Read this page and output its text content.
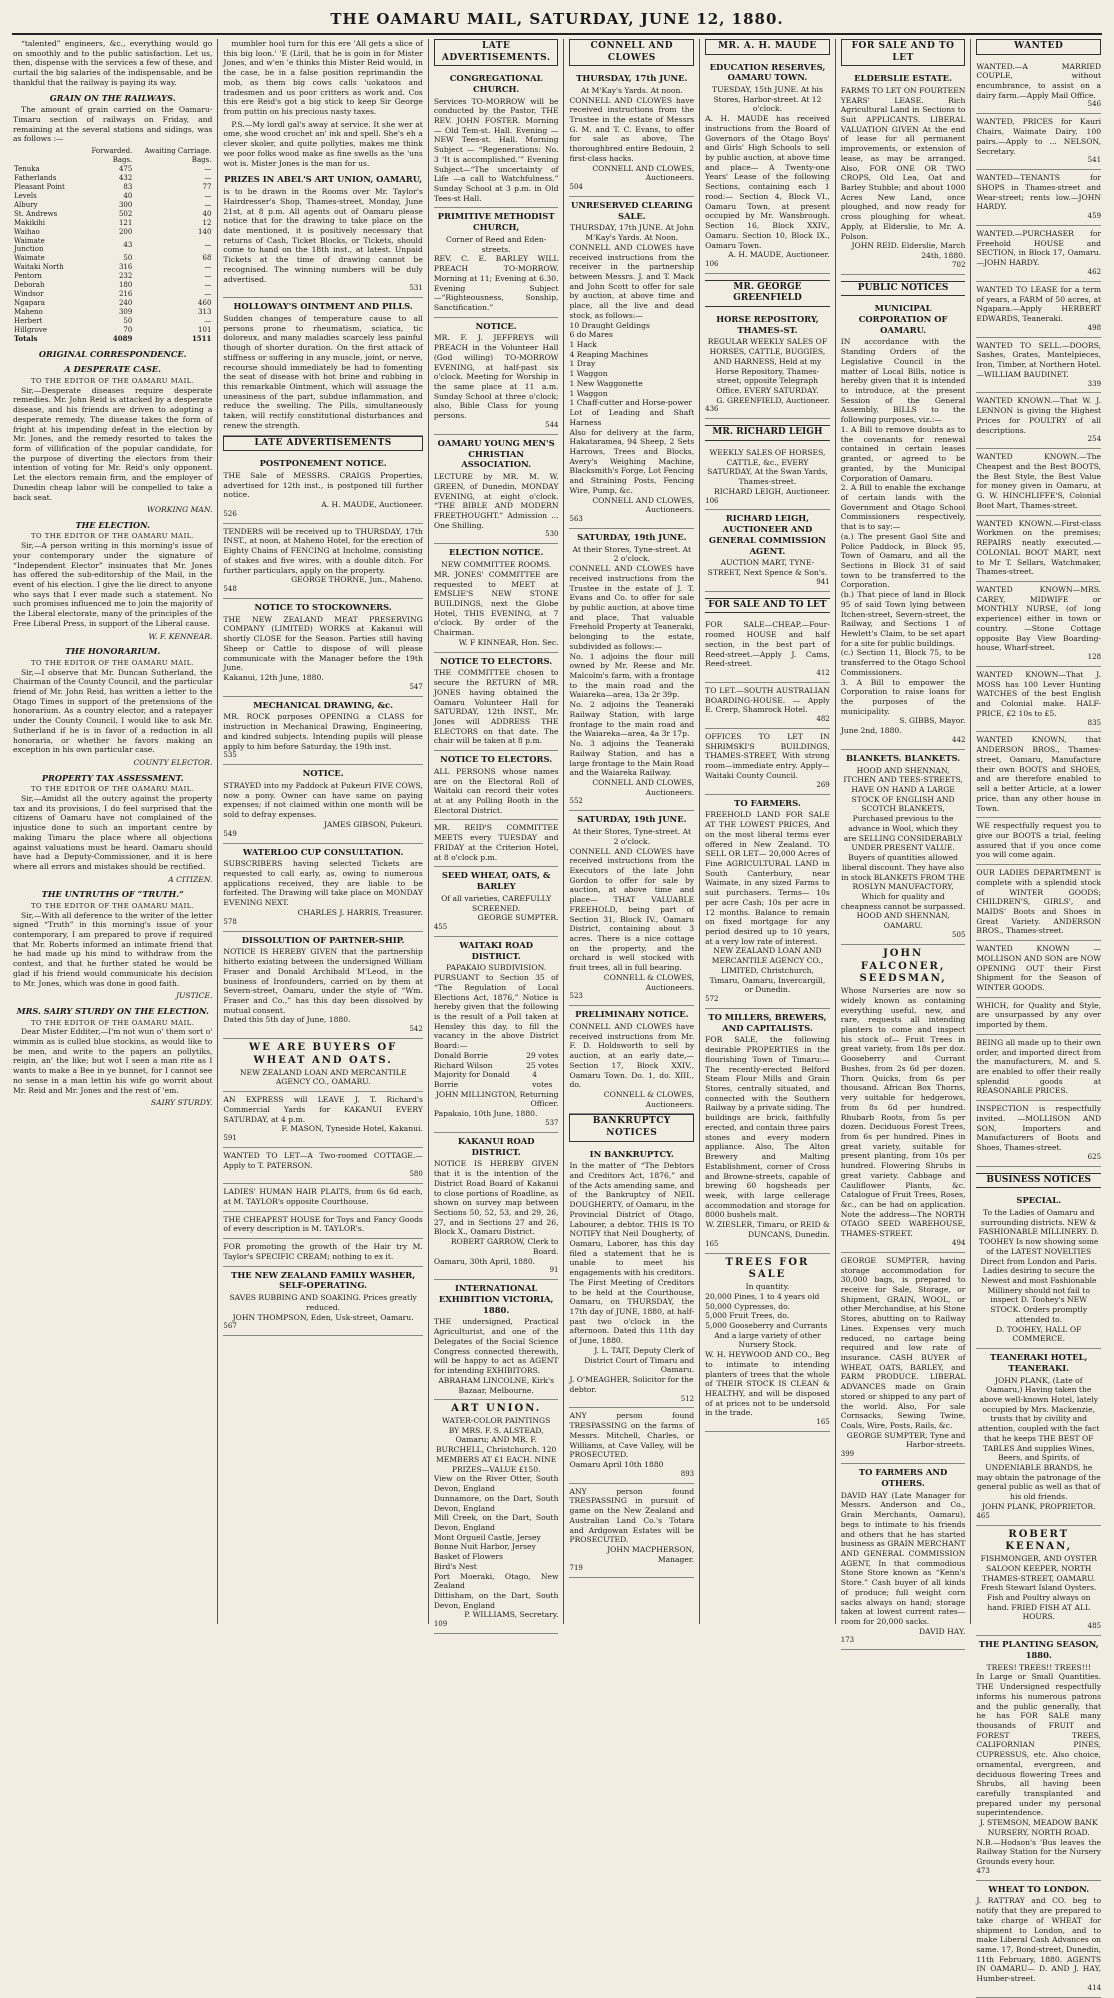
THE OAMARU MAIL, SATURDAY, JUNE 12, 1880.

“talented” engineers, &c., everything would go on smoothly and to the public satisfaction. Let us, then, dispense with the services a few of these, and curtail the big salaries of the indispensable, and be thankful that the railway is paying its way.

GRAIN ON THE RAILWAYS.

The amount of grain carried on the Oamaru-Timaru section of railways on Friday, and remaining at the several stations and sidings, was as follows :—

	Forwarded. Bags.	Awaiting Carriage. Bags.
Tenuka	475	—
Fatherlands	432	—
Pleasant Point	83	77
Levels	40	—
Albury	300	—
St. Andrews	502	40
Makikihi	121	12
Waihao	200	140
Waimate Junction	43	—
Waimate	50	68
Waitaki North	316	—
Pentorn	232	—
Deborah	180	—
Windsor	216	—
Ngapara	240	460
Maheno	309	313
Herbert	50	—
Hillgrove	70	101
Totals	4089	1511
ORIGINAL CORRESPONDENCE.
A DESPERATE CASE.
TO THE EDITOR OF THE OAMARU MAIL.

Sir,—Desperate diseases require desperate remedies. Mr. John Reid is attacked by a desperate disease, and his friends are driven to adopting a desperate remedy. The disease takes the form of fright at his impending defeat in the election by Mr. Jones, and the remedy resorted to takes the form of villification of the popular candidate, for the purpose of diverting the electors from their intention of voting for Mr. Reid's only opponent. Let the electors remain firm, and the employer of Dunedin cheap labor will be compelled to take a back seat.

WORKING MAN.
THE ELECTION.
TO THE EDITOR OF THE OAMARU MAIL.

Sir,—A person writing in this morning's issue of your contemporary under the signature of “Independent Elector” insinuates that Mr. Jones has offered the sub-editorship of the Mail, in the event of his election. I give the lie direct to anyone who says that I ever made such a statement. No such promises influenced me to join the majority of the Liberal electorate, many of the principles of the Free Liberal Press, in support of the Liberal cause.

W. F. KENNEAR.
THE HONORARIUM.
TO THE EDITOR OF THE OAMARU MAIL.

Sir,—I observe that Mr. Duncan Sutherland, the Chairman of the County Council, and the particular friend of Mr. John Reid, has written a letter to the Otago Times in support of the pretensions of the honorarium. As a country elector, and a ratepayer under the County Council, I would like to ask Mr. Sutherland if he is in favor of a reduction in all honoraria, or whether he favors making an exception in his own particular case.

COUNTY ELECTOR.
PROPERTY TAX ASSESSMENT.
TO THE EDITOR OF THE OAMARU MAIL.

Sir,—Amidst all the outcry against the property tax and its provisions, I do feel surprised that the citizens of Oamaru have not complained of the injustice done to such an important centre by making Timaru the place where all objections against valuations must be heard. Oamaru should have had a Deputy-Commissioner, and it is here where all errors and mistakes should be rectified.

A CITIZEN.
THE UNTRUTHS OF “TRUTH.”
TO THE EDITOR OF THE OAMARU MAIL.

Sir,—With all deference to the writer of the letter signed “Truth” in this morning's issue of your contemporary, I am prepared to prove if required that Mr. Roberts informed an intimate friend that he had made up his mind to withdraw from the contest, and that he further stated he would be glad if his friend would communicate his decision to Mr. Jones, which was done in good faith.

JUSTICE.
MRS. SAIRY STURDY ON THE ELECTION.
TO THE EDITOR OF THE OAMARU MAIL.

Dear Mister Edditer,—I'm not wun o' them sort o' wimmin as is culled blue stockins, as would like to be men, and write to the papers an pollytiks, reigin, an' the like; but wot I seen a man rite as I wants to make a Bee in ye bunnet, for I cannot see no sense in a man lettin his wife go worrit about Mr. Reid and Mr. Jones and the rest of 'em.

SAIRY STURDY.

mumbler hool turn for this ere 'All gets a slice of this big loon.' 'E (Liril, that he is goin in for Mister Jones, and w'en 'e thinks this Mister Reid would, in the case, be in a false position reprimandin the mob, as them big cows calls 'uokatoos and tradesmen and us poor critters as work and. Cos this ere Reid's got a big stick to keep Sir George from puttin on his precious nasty taxes.

P.S.—My lordl gal's away at service. It she wer at ome, she wood crochet an' ink and spell. She's eh a clever skoler, and quite pollyties, makes me think we poor folks wood make as fine swells as the 'uns wot is. Mister Jones is the man for us.

PRIZES IN ABEL'S ART UNION, OAMARU,
is to be drawn in the Rooms over Mr. Taylor's Hairdresser's Shop, Thames-street, Monday, June 21st, at 8 p.m. All agents out of Oamaru please notice that for the drawing to take place on the date mentioned, it is positively necessary that returns of Cash, Ticket Blocks, or Tickets, should come to hand on the 18th inst., at latest. Unpaid Tickets at the time of drawing cannot be recognised. The winning numbers will be duly advertised.
531
HOLLOWAY'S OINTMENT AND PILLS.
Sudden changes of temperature cause to all persons prone to rheumatism, sciatica, tic doloreux, and many maladies scarcely less painful though of shorter duration. On the first attack of stiffness or suffering in any muscle, joint, or nerve, recourse should immediately be had to fomenting the seat of disease with hot brine and rubbing in this remarkable Ointment, which will assuage the uneasiness of the part, subdue inflammation, and reduce the swelling. The Pills, simultaneously taken, will rectify constitutional disturbances and renew the strength.
LATE ADVERTISEMENTS
POSTPONEMENT NOTICE.
THE Sale of MESSRS. CRAIGS Properties, advertised for 12th inst., is postponed till further notice.
A. H. MAUDE, Auctioneer.
526
TENDERS will be received up to THURSDAY, 17th INST., at noon, at Maheno Hotel, for the erection of Eighty Chains of FENCING at Incholme, consisting of stakes and five wires, with a double ditch. For further particulars, apply on the property.
GEORGE THORNE, Jun., Maheno.
548
NOTICE TO STOCKOWNERS.
THE NEW ZEALAND MEAT PRESERVING COMPANY (LIMITED) WORKS at Kakanui will shortly CLOSE for the Season. Parties still having Sheep or Cattle to dispose of will please communicate with the Manager before the 19th June.
Kakanui, 12th June, 1880.
547
MECHANICAL DRAWING, &c.
MR. ROCK purposes OPENING a CLASS for instruction in Mechanical Drawing, Engineering, and kindred subjects. Intending pupils will please apply to him before Saturday, the 19th inst.
535
NOTICE.
STRAYED into my Paddock at Pukeuri FIVE COWS, now a pony. Owner can have same on paying expenses; if not claimed within one month will be sold to defray expenses.
JAMES GIBSON, Pukeuri.
549
WATERLOO CUP CONSULTATION.
SUBSCRIBERS having selected Tickets are requested to call early, as, owing to numerous applications received, they are liable to be forfeited. The Drawing will take place on MONDAY EVENING NEXT.
CHARLES J. HARRIS, Treasurer.
578
DISSOLUTION OF PARTNER-SHIP.
NOTICE IS HEREBY GIVEN that the partnership hitherto existing between the undersigned William Fraser and Donald Archibald M'Leod, in the business of Ironfounders, carried on by them at Severn-street, Oamaru, under the style of “Wm. Fraser and Co.,” has this day been dissolved by mutual consent.
Dated this 5th day of June, 1880.
542
WE ARE BUYERS OF WHEAT AND OATS.
NEW ZEALAND LOAN AND MERCANTILE AGENCY CO., OAMARU.
AN EXPRESS will LEAVE J. T. Richard's Commercial Yards for KAKANUI EVERY SATURDAY, at 4 p.m.
F. MASON, Tyneside Hotel, Kakanui.
591
WANTED TO LET—A Two-roomed COTTAGE.—Apply to T. PATERSON.
580
LADIES' HUMAN HAIR PLAITS, from 6s 6d each, at M. TAYLOR's opposite Courthouse.
THE CHEAPEST HOUSE for Toys and Fancy Goods of every description is M. TAYLOR's.
FOR promoting the growth of the Hair try M. Taylor's SPECIFIC CREAM; nothing to ex it.
THE NEW ZEALAND FAMILY WASHER, SELF-OPERATING.
SAVES RUBBING AND SOAKING. Prices greatly reduced.
JOHN THOMPSON, Eden, Usk-street, Oamaru.
567
LATE ADVERTISEMENTS.
CONGREGATIONAL CHURCH.
Services TO-MORROW will be conducted by the Pastor, THE REV. JOHN FOSTER. Morning — Old Tem-st. Hall. Evening —NEW Tees-st. Hall. Morning Subject — “Regenerations: No. 3 ‘It is accomplished.’” Evening Subject—“The uncertainty of Life —a call to Watchfulness.” Sunday School at 3 p.m. in Old Tees-st Hall.
PRIMITIVE METHODIST CHURCH,
Corner of Reed and Eden-streets.
REV. C. E. BARLEY WILL PREACH TO-MORROW. Morning at 11; Evening at 6.30. Evening Subject—“Righteousness, Sonship, Sanctification.”
NOTICE.
MR. F. J. JEFFREYS will PREACH in the Volunteer Hall (God willing) TO-MORROW EVENING, at half-past six o'clock. Meeting for Worship in the same place at 11 a.m. Sunday School at three o'clock; also, Bible Class for young persons.
544
OAMARU YOUNG MEN'S CHRISTIAN ASSOCIATION.
LECTURE by MR. M. W. GREEN, of Dunedin, MONDAY EVENING, at eight o'clock. “THE BIBLE AND MODERN FREETHOUGHT.” Admission ... One Shilling.
530
ELECTION NOTICE.
NEW COMMITTEE ROOMS.
MR. JONES' COMMITTEE are requested to MEET at EMSLIE'S NEW STONE BUILDINGS, next the Globe Hotel, THIS EVENING, at 7 o'clock. By order of the Chairman.
W. F KINNEAR, Hon. Sec.
NOTICE TO ELECTORS.
THE COMMITTEE chosen to secure the RETURN of MR. JONES having obtained the Oamaru Volunteer Hall for SATURDAY, 12th INST., Mr. Jones will ADDRESS THE ELECTORS on that date. The chair will be taken at 8 p.m.
NOTICE TO ELECTORS.
ALL PERSONS whose names are on the Electoral Roll of Waitaki can record their votes at at any Polling Booth in the Electoral District.
MR. REID'S COMMITTEE MEETS every TUESDAY and FRIDAY at the Criterion Hotel, at 8 o'clock p.m.
SEED WHEAT, OATS, & BARLEY
Of all varieties, CAREFULLY SCREENED.
GEORGE SUMPTER.
455
WAITAKI ROAD DISTRICT.
PAPAKAIO SUBDIVISION.
PURSUANT to Section 35 of “The Regulation of Local Elections Act, 1876,” Notice is hereby given that the following is the result of a Poll taken at Hensley this day, to fill the vacancy in the above District Board:—
Donald Borrie	29 votes
Richard Wilson	25 votes
Majority for Donald Borrie
4 votes
JOHN MILLINGTON, Returning Officer.
Papakaio, 10th June, 1880.
537
KAKANUI ROAD DISTRICT.
NOTICE IS HEREBY GIVEN that it is the intention of the District Road Board of Kakanui to close portions of Roadline, as shown on survey map between Sections 50, 52, 53, and 29, 26, 27, and in Sections 27 and 26, Block X., Oamaru District.
ROBERT GARROW, Clerk to Board.
Oamaru, 30th April, 1880.
91
INTERNATIONAL EXHIBITION VICTORIA, 1880.
THE undersigned, Practical Agriculturist, and one of the Delegates of the Social Science Congress connected therewith, will be happy to act as AGENT for intending EXHIBITORS.
ABRAHAM LINCOLNE, Kirk's Bazaar, Melbourne.
ART UNION.
WATER-COLOR PAINTINGS
BY MRS. F. S. ALSTEAD, Oamaru; AND MR. F. BURCHELL, Christchurch. 120 MEMBERS AT £1 EACH. NINE PRIZES—VALUE £150.
View on the River Otter, South Devon, England
Dunnamore, on the Dart, South Devon, England
Mill Creek, on the Dart, South Devon, England
Mont Orgueil Castle, Jersey
Bonne Nuit Harbor, Jersey
Basket of Flowers
Bird's Nest
Port Moeraki, Otago, New Zealand
Dittisham, on the Dart, South Devon, England
P. WILLIAMS, Secretary.
109
CONNELL AND CLOWES
THURSDAY, 17th JUNE.
At M'Kay's Yards. At noon.
CONNELL AND CLOWES have received instructions from the Trustee in the estate of Messrs G. M. and T. C. Evans, to offer for sale as above, The thoroughbred entire Bedouin, 2 first-class hacks.
CONNELL AND CLOWES, Auctioneers.
504
UNRESERVED CLEARING SALE.
THURSDAY, 17th JUNE. At John M'Kay's Yards. At Noon.
CONNELL AND CLOWES have received instructions from the receiver in the partnership between Messrs. J. and T. Mack and John Scott to offer for sale by auction, at above time and place, all the live and dead stock, as follows:—
10 Draught Geldings
6 do Mares
1 Hack
4 Reaping Machines
1 Dray
1 Waggon
1 New Waggonette
1 Waggon
1 Chaff-cutter and Horse-power
Lot of Leading and Shaft Harness
Also for delivery at the farm, Hakataramea, 94 Sheep, 2 Sets Harrows, Trees and Blocks, Avery's Weighing Machine, Blacksmith's Forge, Lot Fencing and Straining Posts, Fencing Wire, Pump, &c.
CONNELL AND CLOWES, Auctioneers.
563
SATURDAY, 19th JUNE.
At their Stores, Tyne-street. At 2 o'clock.
CONNELL AND CLOWES have received instructions from the Trustee in the estate of J. T. Evans and Co. to offer for sale by public auction, at above time and place, That valuable Freehold Property at Teaneraki, belonging to the estate, subdivided as follows:—
No. 1 adjoins the flour mill owned by Mr. Reese and Mr. Malcolm's farm, with a frontage to the main road and the Waiareka—area, 13a 2r 39p.
No. 2 adjoins the Teaneraki Railway Station, with large frontage to the main road and the Waiareka—area, 4a 3r 17p.
No. 3 adjoins the Teaneraki Railway Station, and has a large frontage to the Main Road and the Waiareka Railway.
CONNELL AND CLOWES, Auctioneers.
552
SATURDAY, 19th JUNE.
At their Stores, Tyne-street. At 2 o'clock.
CONNELL AND CLOWES have received instructions from the Executors of the late John Gordon to offer for sale by auction, at above time and place— THAT VALUABLE FREEHOLD, being part of Section 31, Block IV., Oamaru District, containing about 3 acres. There is a nice cottage on the property, and the orchard is well stocked with fruit trees, all in full bearing.
CONNELL & CLOWES, Auctioneers.
523
PRELIMINARY NOTICE.
CONNELL AND CLOWES have received instructions from Mr. F. D. Holdsworth to sell by auction, at an early date,— Section 17, Block XXIV., Oamaru Town. Do. 1, do. XIII., do.
CONNELL & CLOWES, Auctioneers.
BANKRUPTCY NOTICES
IN BANKRUPTCY.
In the matter of “The Debtors and Creditors Act, 1876,” and of the Acts amending same, and of the Bankruptcy of NEIL DOUGHERTY, of Oamaru, in the Provincial District of Otago, Labourer, a debtor. THIS IS TO NOTIFY that Neil Dougherty, of Oamaru, Laborer, has this day filed a statement that he is unable to meet his engagements with his creditors. The First Meeting of Creditors to be held at the Courthouse, Oamaru, on THURSDAY, the 17th day of JUNE, 1880, at half-past two o'clock in the afternoon. Dated this 11th day of June, 1880.
J. L. TAIT, Deputy Clerk of District Court of Timaru and Oamaru.
J. O'MEAGHER, Solicitor for the debtor.
512
ANY person found TRESPASSING on the farms of Messrs. Mitchell, Charles, or Williams, at Cave Valley, will be PROSECUTED.
Oamaru April 10th 1880
893
ANY person found TRESPASSING in pursuit of game on the New Zealand and Australian Land Co.'s Totara and Ardgowan Estates will be PROSECUTED.
JOHN MACPHERSON, Manager.
719
MR. A. H. MAUDE
EDUCATION RESERVES, OAMARU TOWN.
TUESDAY, 15th JUNE. At his Stores, Harbor-street. At 12 o'clock.
A. H. MAUDE has received instructions from the Board of Governors of the Otago Boys' and Girls' High Schools to sell by public auction, at above time and place— A Twenty-one Years' Lease of the following Sections, containing each 1 rood:— Section 4, Block VI., Oamaru Town, at present occupied by Mr. Wansbrough. Section 16, Block XXIV., Oamaru. Section 10, Block IX., Oamaru Town.
A. H. MAUDE, Auctioneer.
106
MR. GEORGE GREENFIELD
HORSE REPOSITORY, THAMES-ST.
REGULAR WEEKLY SALES OF HORSES, CATTLE, BUGGIES, AND HARNESS, Held at my Horse Repository, Thames-street, opposite Telegraph Office, EVERY SATURDAY.
G. GREENFIELD, Auctioneer.
436
MR. RICHARD LEIGH
WEEKLY SALES OF HORSES, CATTLE, &c., EVERY SATURDAY, At the Swan Yards, Thames-street.
RICHARD LEIGH, Auctioneer.
106
RICHARD LEIGH, AUCTIONEER AND GENERAL COMMISSION AGENT.
AUCTION MART, TYNE-STREET, Next Spence & Son's.
941
FOR SALE AND TO LET
FOR SALE—CHEAP.—Four-roomed HOUSE and half section, in the best part of Reed-street.—Apply J. Cams, Reed-street.
412
TO LET.—SOUTH AUSTRALIAN BOARDING-HOUSE. — Apply E. Crerp, Shamrock Hotel.
482
OFFICES TO LET IN SHRIMSKI'S BUILDINGS, THAMES-STREET, With strong room—immediate entry. Apply—Waitaki County Council.
269
TO FARMERS.
FREEHOLD LAND FOR SALE AT THE LOWEST PRICES, And on the most liberal terms ever offered in New Zealand. TO SELL OR LET— 20,000 Acres of Fine AGRICULTURAL LAND in South Canterbury, near Waimate, in any sized Farms to suit purchasers. Terms— 10s per acre Cash; 10s per acre in 12 months. Balance to remain on fixed mortgage for any period desired up to 10 years, at a very low rate of interest.
NEW ZEALAND LOAN AND MERCANTILE AGENCY CO., LIMITED, Christchurch, Timaru, Oamaru, Invercargill, or Dunedin.
572
TO MILLERS, BREWERS, AND CAPITALISTS.
FOR SALE, the following desirable PROPERTIES in the flourishing Town of Timaru:— The recently-erected Belford Steam Flour Mills and Grain Stores, centrally situated, and connected with the Southern Railway by a private siding. The buildings are brick, faithfully erected, and contain three pairs stones and every modern appliance. Also, The Alton Brewery and Malting Establishment, corner of Cross and Browne-streets, capable of brewing 60 hogsheads per week, with large cellerage accommodation and storage for 8000 bushels malt.
W. ZIESLER, Timaru, or REID & DUNCANS, Dunedin.
165
TREES FOR SALE
In quantity.
20,000 Pines, 1 to 4 years old
50,000 Cypresses, do.
5,000 Fruit Trees, do.
5,000 Gooseberry and Currants
And a large variety of other Nursery Stock.
W. H. HEYWOOD AND CO., Beg to intimate to intending planters of trees that the whole of THEIR STOCK IS CLEAN & HEALTHY, and will be disposed of at prices not to be undersold in the trade.
165
FOR SALE AND TO LET
ELDERSLIE ESTATE.
FARMS TO LET ON FOURTEEN YEARS' LEASE. Rich Agricultural Land in Sections to Suit APPLICANTS. LIBERAL VALUATION GIVEN At the end of lease for all permanent improvements, or extension of lease, as may be arranged. Also, FOR ONE OR TWO CROPS, Old Lea, Oat and Barley Stubble; and about 1000 Acres New Land, once ploughed, and now ready for cross ploughing for wheat. Apply, at Elderslie, to Mr. A. Polson.
JOHN REID. Elderslie, March 24th, 1880.
702
PUBLIC NOTICES
MUNICIPAL CORPORATION OF OAMARU.
IN accordance with the Standing Orders of the Legislative Council in the matter of Local Bills, notice is hereby given that it is intended to introduce, at the present Session of the General Assembly, BILLS to the following purposes, viz.:—
1. A Bill to remove doubts as to the covenants for renewal contained in certain leases granted, or agreed to be granted, by the Municipal Corporation of Oamaru.
2. A Bill to enable the exchange of certain lands with the Government and Otago School Commissioners respectively, that is to say:—
(a.) The present Gaol Site and Police Paddock, in Block 95, Town of Oamaru, and all the Sections in Block 31 of said town to be transferred to the Corporation.
(b.) That piece of land in Block 95 of said Town lying between Itchen-street, Severn-street, the Railway, and Sections 1 of Hewlett's Claim, to be set apart for a site for public buildings.
(c.) Section 11, Block 75, to be transferred to the Otago School Commissioners.
3. A Bill to empower the Corporation to raise loans for the purposes of the municipality.
S. GIBBS, Mayor.
June 2nd, 1880.
442
BLANKETS. BLANKETS.
HOOD AND SHENNAN, ITCHEN AND TEES-STREETS, HAVE ON HAND A LARGE STOCK OF ENGLISH AND SCOTCH BLANKETS, Purchased previous to the advance in Wool, which they are SELLING CONSIDERABLY UNDER PRESENT VALUE. Buyers of quantities allowed liberal discount. They have also in stock BLANKETS FROM THE ROSLYN MANUFACTORY, Which for quality and cheapness cannot be surpassed.
HOOD AND SHENNAN, OAMARU.
505
JOHN FALCONER, SEEDSMAN,
Whose Nurseries are now so widely known as containing everything useful, new, and rare, requests all intending planters to come and inspect his stock of— Fruit Trees in great variety, from 18s per doz. Gooseberry and Currant Bushes, from 2s 6d per dozen. Thorn Quicks, from 6s per thousand. African Box Thorns, very suitable for hedgerows, from 8s 6d per hundred. Rhubarb Roots, from 5s per dozen. Deciduous Forest Trees, from 6s per hundred. Pines in great variety, suitable for present planting, from 10s per hundred. Flowering Shrubs in great variety. Cabbage and Cauliflower Plants, &c. Catalogue of Fruit Trees, Roses, &c., can be had on application. Note the address—The NORTH OTAGO SEED WAREHOUSE, THAMES-STREET.
494
GEORGE SUMPTER, having storage accommodation for 30,000 bags, is prepared to receive for Sale, Storage, or Shipment, GRAIN, WOOL, or other Merchandise, at his Stone Stores, abutting on to Railway Lines. Expenses very much reduced, no cartage being required and low rate of insurance. CASH BUYER of WHEAT, OATS, BARLEY, and FARM PRODUCE. LIBERAL ADVANCES made on Grain stored or shipped to any part of the world. Also, For sale Cornsacks, Sewing Twine, Coals, Wire, Posts, Rails, &c.
GEORGE SUMPTER, Tyne and Harbor-streets.
399
TO FARMERS AND OTHERS.
DAVID HAY (Late Manager for Messrs. Anderson and Co., Grain Merchants, Oamaru), begs to intimate to his friends and others that he has started business as GRAIN MERCHANT AND GENERAL COMMISSION AGENT, In that commodious Stone Store known as “Kenn's Store.” Cash buyer of all kinds of produce; full weight corn sacks always on hand; storage taken at lowest current rates—room for 20,000 sacks.
DAVID HAY.
173
WANTED
WANTED.—A MARRIED COUPLE, without encumbrance, to assist on a dairy farm.—Apply Mail Office.
546
WANTED, PRICES for Kauri Chairs, Waimate Dairy, 100 pairs.—Apply to ... NELSON, Secretary.
541
WANTED—TENANTS for SHOPS in Thames-street and Wear-street; rents low.—JOHN HARDY.
459
WANTED.—PURCHASER for Freehold HOUSE and SECTION, in Block 17, Oamaru.—JOHN HARDY.
462
WANTED TO LEASE for a term of years, a FARM of 50 acres, at Ngapara.—Apply HERBERT EDWARDS, Teaneraki.
498
WANTED TO SELL.—DOORS, Sashes, Grates, Mantelpieces, Iron, Timber, at Northern Hotel.—WILLIAM BAUDINET.
339
WANTED KNOWN.—That W. J. LENNON is giving the Highest Prices for POULTRY of all descriptions.
254
WANTED KNOWN.—The Cheapest and the Best BOOTS, the Best Style, the Best Value for money given in Oamaru, at G. W. HINCHLIFFE'S, Colonial Boot Mart, Thames-street.
WANTED KNOWN.—First-class Workmen on the premises; REPAIRS neatly executed.—COLONIAL BOOT MART, next to Mr T. Sellars, Watchmaker, Thames-street.
WANTED KNOWN—MRS. CAREY, MIDWIFE or MONTHLY NURSE, (of long experience) either in town or country. —Stone Cottage opposite Bay View Boarding-house, Wharf-street.
128
WANTED KNOWN—That J. MOSS has 100 Lever Hunting WATCHES of the best English and Colonial make. HALF-PRICE, £2 10s to £5.
835
WANTED KNOWN, that ANDERSON BROS., Thames-street, Oamaru, Manufacture their own BOOTS and SHOES, and are therefore enabled to sell a better Article, at a lower price, than any other house in Town.
WE respectfully request you to give our BOOTS a trial, feeling assured that if you once come you will come again.
OUR LADIES DEPARTMENT is complete with a splendid stock of WINTER GOODS; CHILDREN'S, GIRLS', and MAIDS' Boots and Shoes in Great Variety. ANDERSON BROS., Thames-street.
WANTED KNOWN — MOLLISON AND SON are NOW OPENING OUT their First Shipment for the Season of WINTER GOODS.
WHICH, for Quality and Style, are unsurpassed by any over imported by them.
BEING all made up to their own order, and imported direct from the manufacturers, M. and S. are enabled to offer their really splendid goods at REASONABLE PRICES.
INSPECTION is respectfully invited. —MOLLISON AND SON, Importers and Manufacturers of Boots and Shoes, Thames-street.
625
BUSINESS NOTICES
SPECIAL.
To the Ladies of Oamaru and surrounding districts. NEW & FASHIONABLE MILLINERY. D. TOOHEY Is now showing some of the LATEST NOVELTIES Direct from London and Paris. Ladies desiring to secure the Newest and most Fashionable Millinery should not fail to inspect D. Toohey's NEW STOCK. Orders promptly attended to.
D. TOOHEY, HALL OF COMMERCE.
TEANERAKI HOTEL, TEANERAKI.
JOHN PLANK, (Late of Oamaru,) Having taken the above well-known Hotel, lately occupied by Mrs. Mackenzie, trusts that by civility and attention, coupled with the fact that he keeps THE BEST OF TABLES And supplies Wines, Beers, and Spirits, of UNDENIABLE BRANDS, he may obtain the patronage of the general public as well as that of his old friends.
JOHN PLANK, PROPRIETOR.
465
ROBERT KEENAN,
FISHMONGER, AND OYSTER SALOON KEEPER, NORTH THAMES-STREET, OAMARU. Fresh Stewart Island Oysters. Fish and Poultry always on hand. FRIED FISH AT ALL HOURS.
485
THE PLANTING SEASON, 1880.
TREES! TREES!! TREES!!!
In Large or Small Quantities. THE Undersigned respectfully informs his numerous patrons and the public generally, that he has FOR SALE many thousands of FRUIT and FOREST TREES, CALIFORNIAN PINES, CUPRESSUS, etc. Also choice, ornamental, evergreen, and deciduous flowering Trees and Shrubs, all having been carefully transplanted and prepared under my personal superintendence.
J. STEMSON, MEADOW BANK NURSERY, NORTH ROAD.
N.B.—Hodson's 'Bus leaves the Railway Station for the Nursery Grounds every hour.
473
WHEAT TO LONDON.
J. RATTRAY and CO. beg to notify that they are prepared to take charge of WHEAT for shipment to London, and to make Liberal Cash Advances on same. 17, Bond-street, Dunedin, 11th February, 1880. AGENTS IN OAMARU— D. AND J. HAY, Humber-street.
414
